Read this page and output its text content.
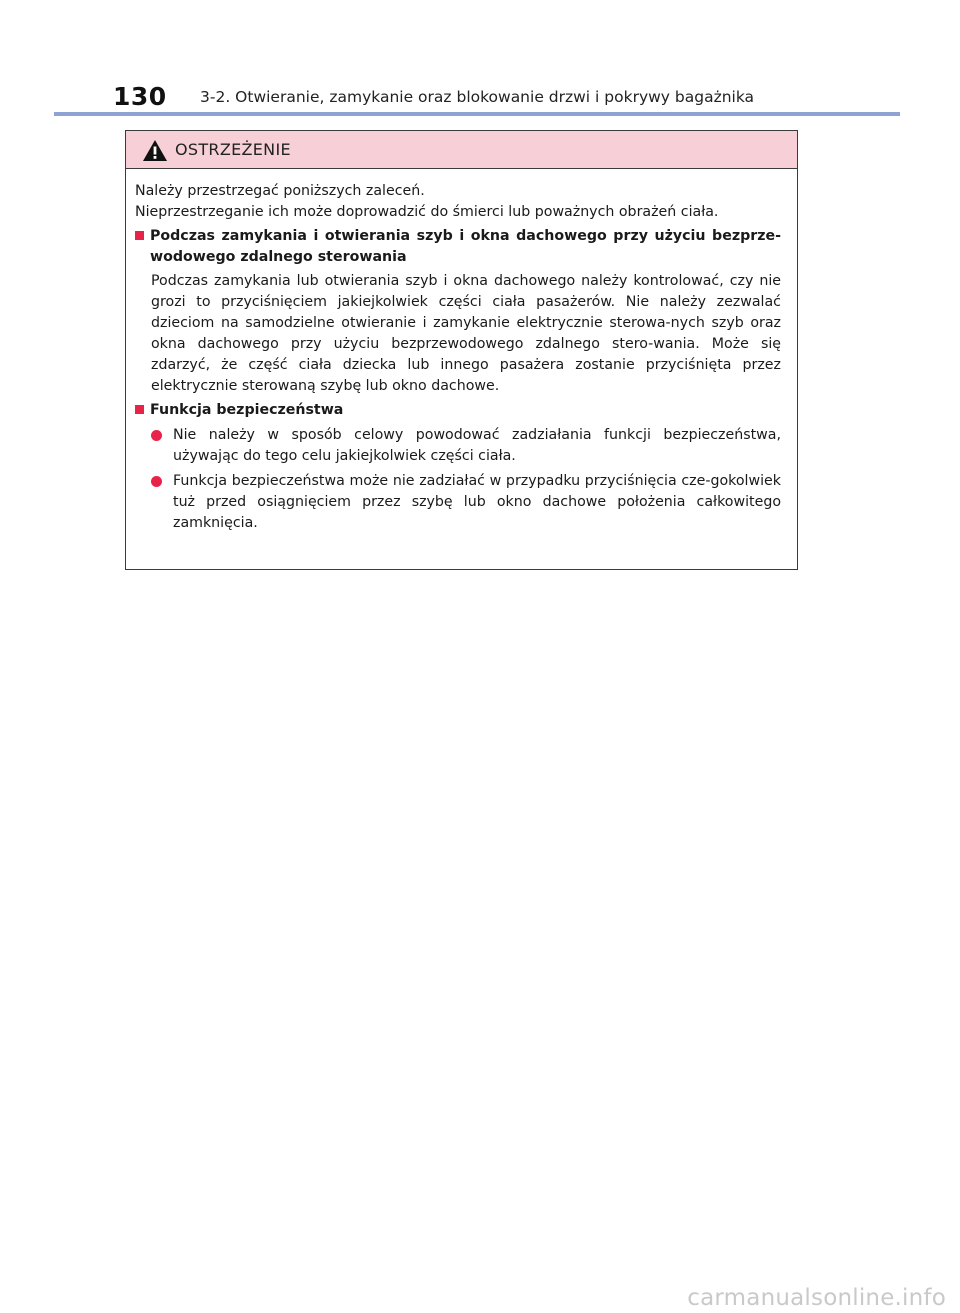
130 3-2. Otwieranie, zamykanie oraz blokowanie drzwi i pokrywy bagażnika
OSTRZEŻENIE

Należy przestrzegać poniższych zaleceń.

Nieprzestrzeganie ich może doprowadzić do śmierci lub poważnych obrażeń ciała.

Podczas zamykania i otwierania szyb i okna dachowego przy użyciu bezprze-wodowego zdalnego sterowania
Podczas zamykania lub otwierania szyb i okna dachowego należy kontrolować, czy nie grozi to przyciśnięciem jakiejkolwiek części ciała pasażerów. Nie należy zezwalać dzieciom na samodzielne otwieranie i zamykanie elektrycznie sterowa-nych szyb oraz okna dachowego przy użyciu bezprzewodowego zdalnego stero-wania. Może się zdarzyć, że część ciała dziecka lub innego pasażera zostanie przyciśnięta przez elektrycznie sterowaną szybę lub okno dachowe.
Funkcja bezpieczeństwa
Nie należy w sposób celowy powodować zadziałania funkcji bezpieczeństwa, używając do tego celu jakiejkolwiek części ciała.
Funkcja bezpieczeństwa może nie zadziałać w przypadku przyciśnięcia cze-gokolwiek tuż przed osiągnięciem przez szybę lub okno dachowe położenia całkowitego zamknięcia.
carmanualsonline.info
